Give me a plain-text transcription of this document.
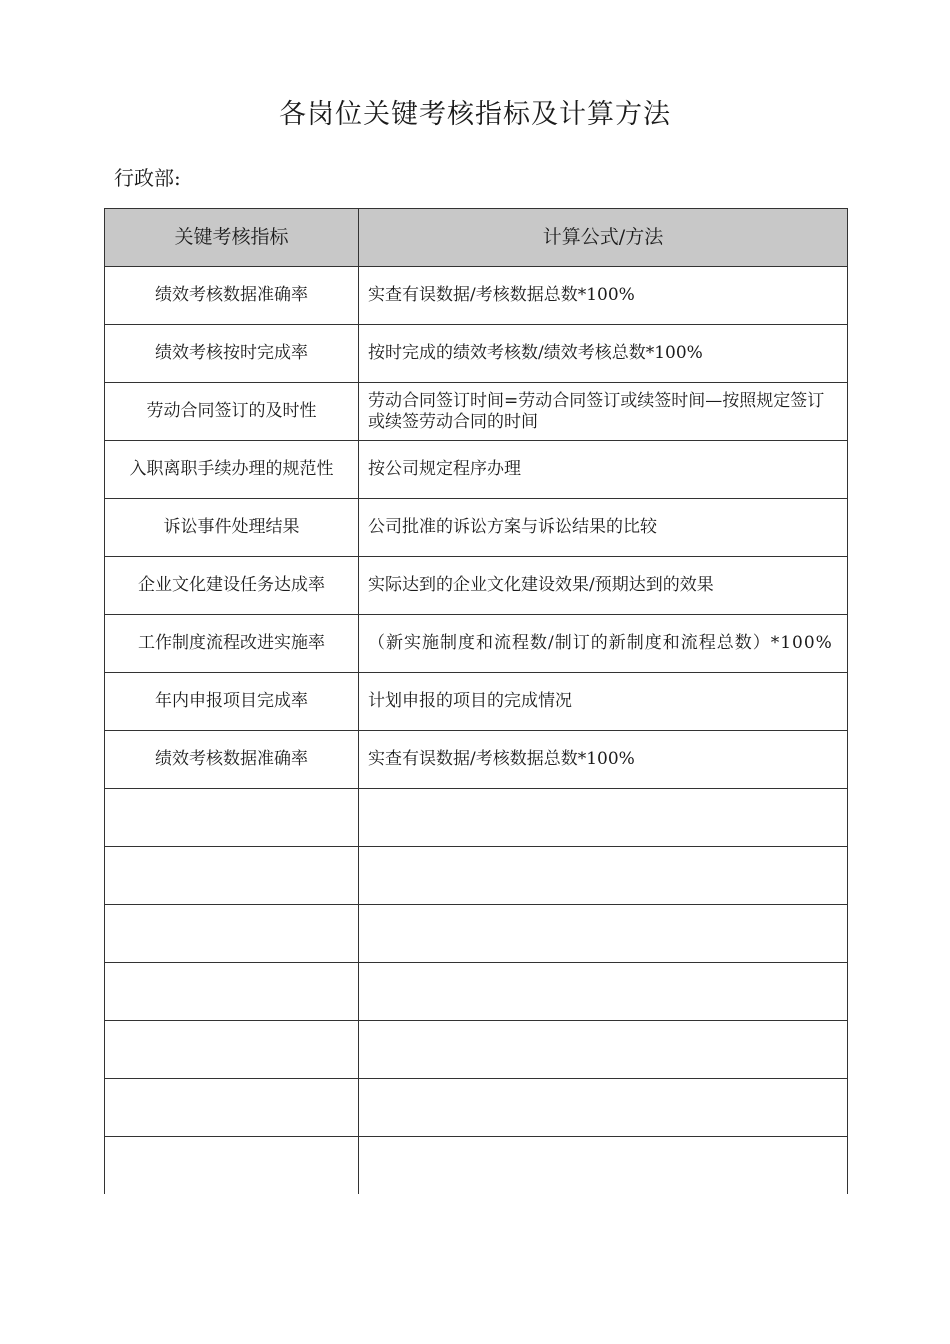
各岗位关键考核指标及计算方法
行政部:
关键考核指标	计算公式/方法
绩效考核数据准确率	实查有误数据/考核数据总数*100%
绩效考核按时完成率	按时完成的绩效考核数/绩效考核总数*100%
劳动合同签订的及时性	劳动合同签订时间=劳动合同签订或续签时间—按照规定签订或续签劳动合同的时间
入职离职手续办理的规范性	按公司规定程序办理
诉讼事件处理结果	公司批准的诉讼方案与诉讼结果的比较
企业文化建设任务达成率	实际达到的企业文化建设效果/预期达到的效果
工作制度流程改进实施率	（新实施制度和流程数/制订的新制度和流程总数）*100%
年内申报项目完成率	计划申报的项目的完成情况
绩效考核数据准确率	实查有误数据/考核数据总数*100%
